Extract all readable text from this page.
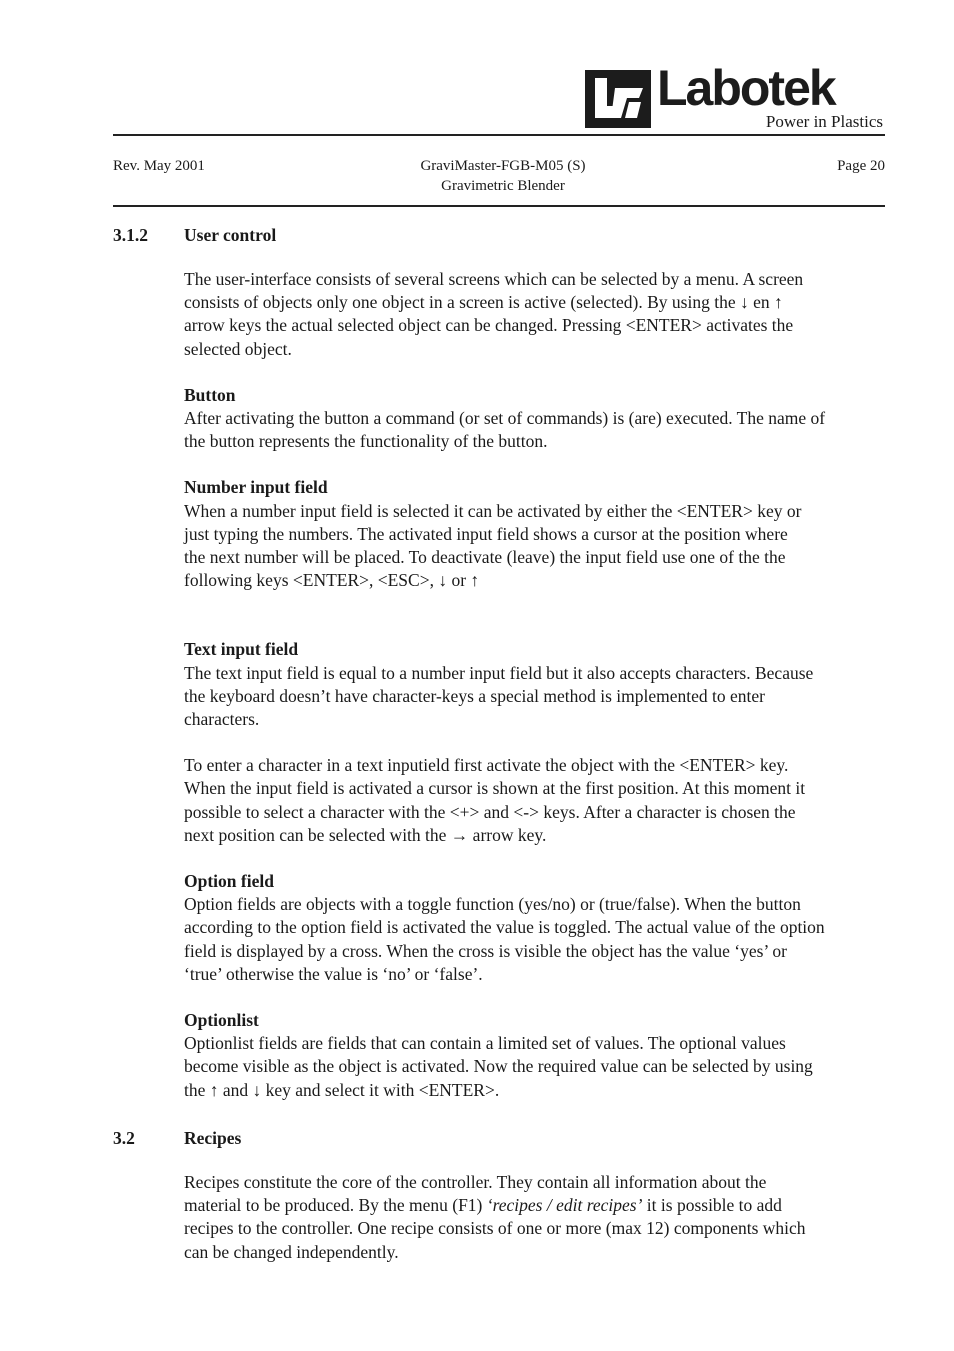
Labotek
Power in Plastics
Rev. May 2001	GraviMaster-FGB-M05 (S)
Gravimetric Blender
Page 20
3.1.2 User control

The user-interface consists of several screens which can be selected by a menu. A screen
consists of objects only one object in a screen is active (selected). By using the ↓ en ↑
arrow keys the actual selected object can be changed. Pressing <ENTER> activates the
selected object.

Button

After activating the button a command (or set of commands) is (are) executed. The name of
the button represents the functionality of the button.

Number input field

When a number input field is selected it can be activated by either the <ENTER> key or
just typing the numbers. The activated input field shows a cursor at the position where
the next number will be placed. To deactivate (leave) the input field use one of the the
following keys <ENTER>, <ESC>, ↓ or ↑

Text input field

The text input field is equal to a number input field but it also accepts characters. Because
the keyboard doesn’t have character-keys a special method is implemented to enter
characters.

To enter a character in a text inputield first activate the object with the <ENTER> key.
When the input field is activated a cursor is shown at the first position. At this moment it
possible to select a character with the <+> and <-> keys. After a character is chosen the
next position can be selected with the → arrow key.

Option field

Option fields are objects with a toggle function (yes/no) or (true/false). When the button
according to the option field is activated the value is toggled. The actual value of the option
field is displayed by a cross. When the cross is visible the object has the value ‘yes’ or
‘true’ otherwise the value is ‘no’ or ‘false’.

Optionlist

Optionlist fields are fields that can contain a limited set of values. The optional values
become visible as the object is activated. Now the required value can be selected by using
the ↑ and ↓ key and select it with <ENTER>.

3.2	Recipes

Recipes constitute the core of the controller. They contain all information about the
material to be produced. By the menu (F1) ‘recipes / edit recipes’ it is possible to add
recipes to the controller. One recipe consists of one or more (max 12) components which
can be changed independently.
